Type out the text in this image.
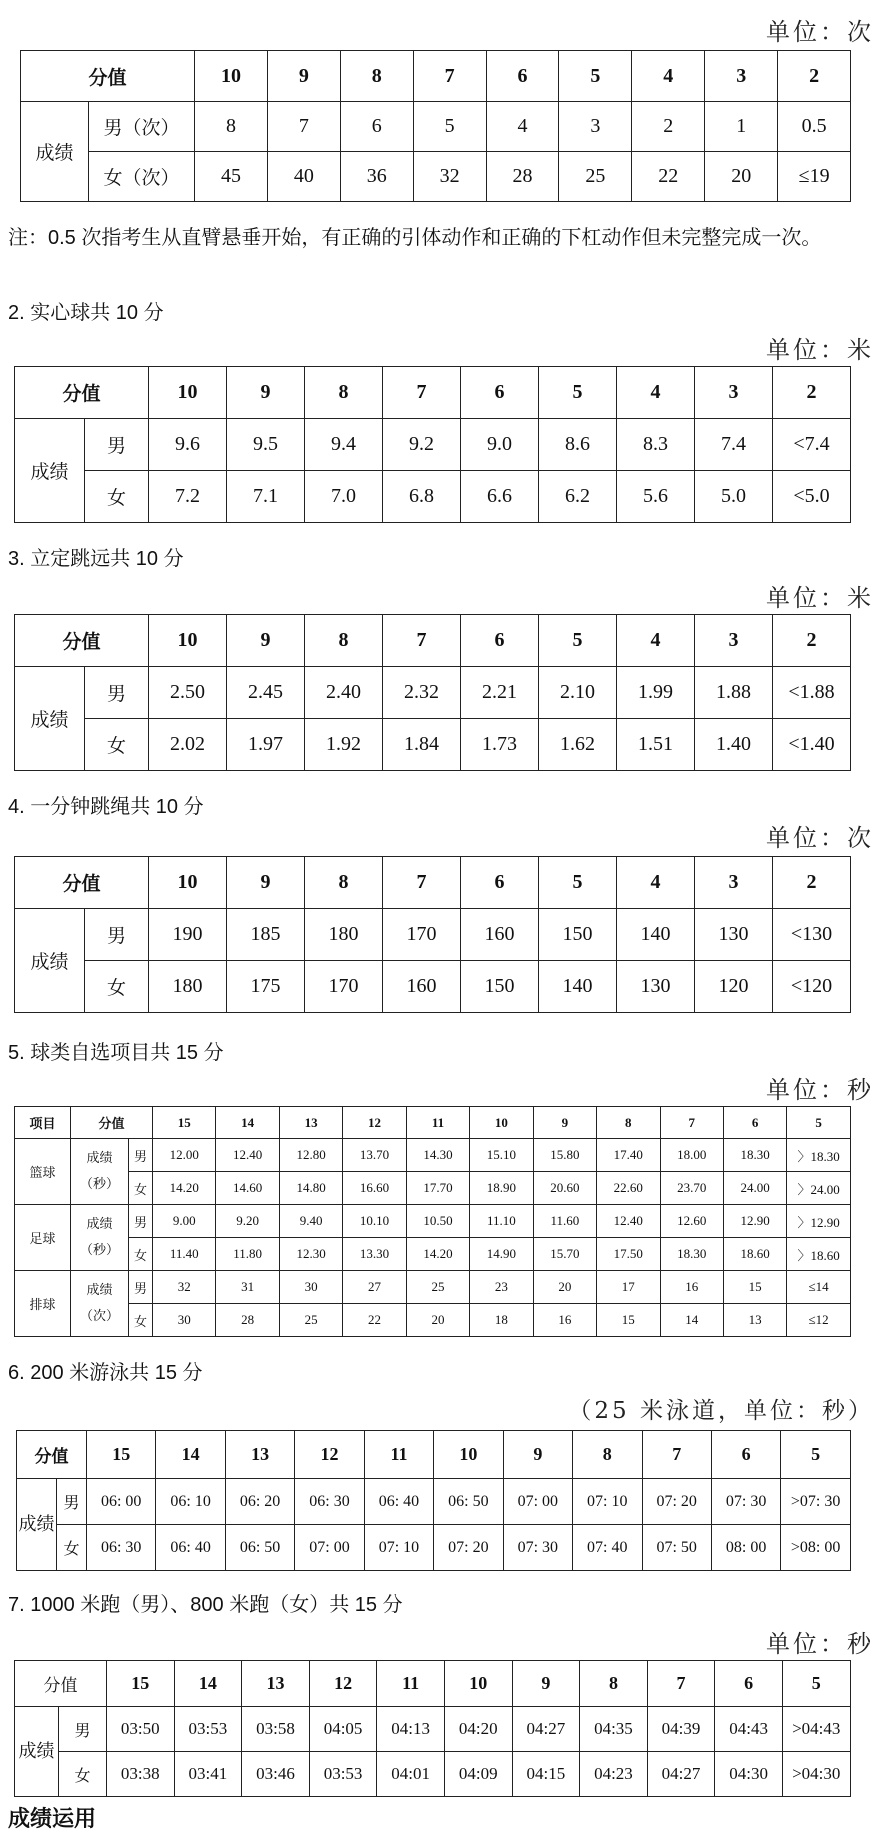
单位：次
分值		10	9	8	7	6	5	4	3	2
成绩	男（次）	8	7	6	5	4	3	2	1	0.5
	女（次）	45	40	36	32	28	25	22	20	≤19
注：0.5 次指考生从直臂悬垂开始，有正确的引体动作和正确的下杠动作但未完整完成一次。
2. 实心球共 10 分
单位：米
分值		10	9	8	7	6	5	4	3	2
成绩	男	9.6	9.5	9.4	9.2	9.0	8.6	8.3	7.4	<7.4
	女	7.2	7.1	7.0	6.8	6.6	6.2	5.6	5.0	<5.0
3. 立定跳远共 10 分
单位：米
分值		10	9	8	7	6	5	4	3	2
成绩	男	2.50	2.45	2.40	2.32	2.21	2.10	1.99	1.88	<1.88
	女	2.02	1.97	1.92	1.84	1.73	1.62	1.51	1.40	<1.40
4. 一分钟跳绳共 10 分
单位：次
分值		10	9	8	7	6	5	4	3	2
成绩	男	190	185	180	170	160	150	140	130	<130
	女	180	175	170	160	150	140	130	120	<120
5. 球类自选项目共 15 分
单位：秒
项目	分值		15	14	13	12	11	10	9	8	7	6	5
篮球	成绩（秒）	男	12.00	12.40	12.80	13.70	14.30	15.10	15.80	17.40	18.00	18.30	〉18.30
		女	14.20	14.60	14.80	16.60	17.70	18.90	20.60	22.60	23.70	24.00	〉24.00
足球	成绩（秒）	男	9.00	9.20	9.40	10.10	10.50	11.10	11.60	12.40	12.60	12.90	〉12.90
		女	11.40	11.80	12.30	13.30	14.20	14.90	15.70	17.50	18.30	18.60	〉18.60
排球	成绩（次）	男	32	31	30	27	25	23	20	17	16	15	≤14
		女	30	28	25	22	20	18	16	15	14	13	≤12
6. 200 米游泳共 15 分
（25 米泳道，单位：秒）
分值		15	14	13	12	11	10	9	8	7	6	5
成绩	男	06: 00	06: 10	06: 20	06: 30	06: 40	06: 50	07: 00	07: 10	07: 20	07: 30	>07: 30
	女	06: 30	06: 40	06: 50	07: 00	07: 10	07: 20	07: 30	07: 40	07: 50	08: 00	>08: 00
7. 1000 米跑（男）、800 米跑（女）共 15 分
单位：秒
分值		15	14	13	12	11	10	9	8	7	6	5
成绩	男	03:50	03:53	03:58	04:05	04:13	04:20	04:27	04:35	04:39	04:43	>04:43
	女	03:38	03:41	03:46	03:53	04:01	04:09	04:15	04:23	04:27	04:30	>04:30
成绩运用
